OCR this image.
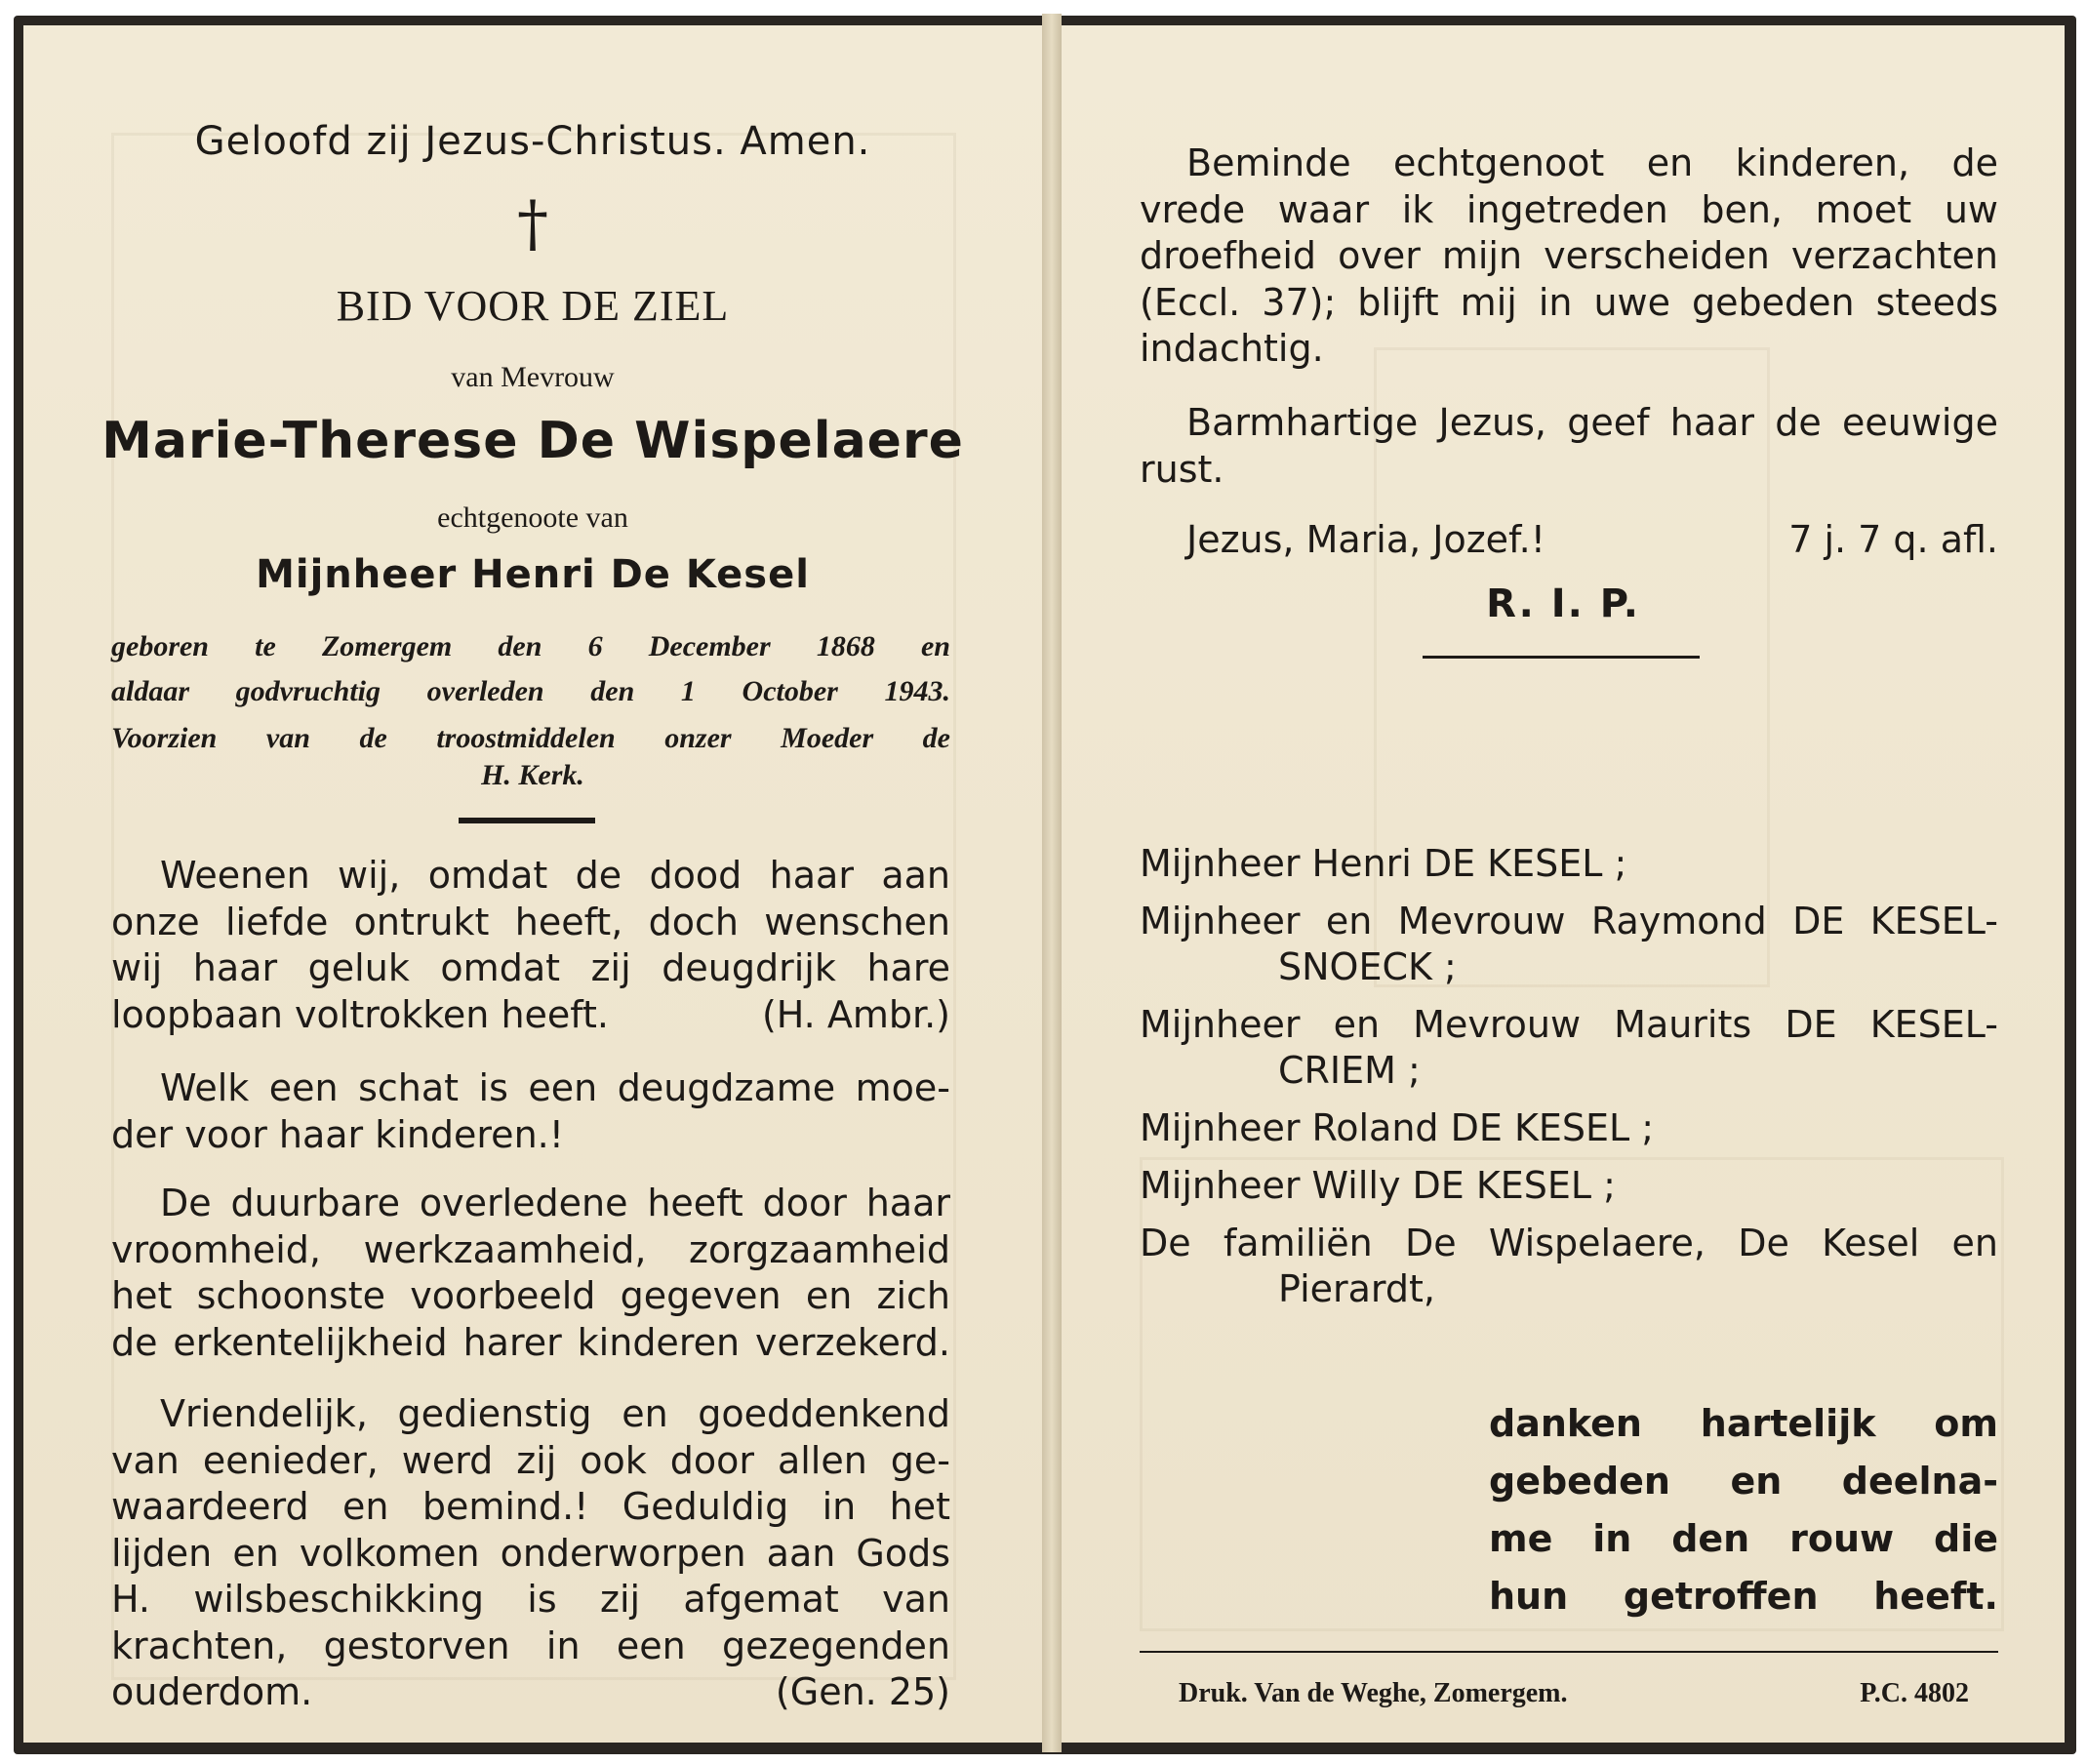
Geloofd zij Jezus-Christus. Amen.
†
BID VOOR DE ZIEL
van Mevrouw
Marie-Therese De Wispelaere
echtgenoote van
Mijnheer Henri De Kesel
geboren te Zomergem den 6 December 1868 en
aldaar godvruchtig overleden den 1 October 1943.
Voorzien van de troostmiddelen onzer Moeder de
H. Kerk.
Weenen wij, omdat de dood haar aan
onze liefde ontrukt heeft, doch wenschen
wij haar geluk omdat zij deugdrijk hare
loopbaan voltrokken heeft.	(H. Ambr.)
Welk een schat is een deugdzame moe-
der voor haar kinderen.!
De duurbare overledene heeft door haar
vroomheid, werkzaamheid, zorgzaamheid
het schoonste voorbeeld gegeven en zich
de erkentelijkheid harer kinderen verzekerd.
Vriendelijk, gedienstig en goeddenkend
van eenieder, werd zij ook door allen ge-
waardeerd en bemind.! Geduldig in het
lijden en volkomen onderworpen aan Gods
H. wilsbeschikking is zij afgemat van
krachten, gestorven in een gezegenden
ouderdom.	(Gen. 25)
Beminde echtgenoot en kinderen, de
vrede waar ik ingetreden ben, moet uw
droefheid over mijn verscheiden verzachten
(Eccl. 37); blijft mij in uwe gebeden steeds
indachtig.
Barmhartige Jezus, geef haar de eeuwige
rust.
Jezus, Maria, Jozef.!	7 j. 7 q. afl.
R. I. P.
Mijnheer Henri DE KESEL ;
Mijnheer en Mevrouw Raymond DE KESEL-
SNOECK ;
Mijnheer en Mevrouw Maurits DE KESEL-
CRIEM ;
Mijnheer Roland DE KESEL ;
Mijnheer Willy DE KESEL ;
De familiën De Wispelaere, De Kesel en
Pierardt,
danken hartelijk om
gebeden en deelna-
me in den rouw die
hun getroffen heeft.
Druk. Van de Weghe, Zomergem.	P.C. 4802
